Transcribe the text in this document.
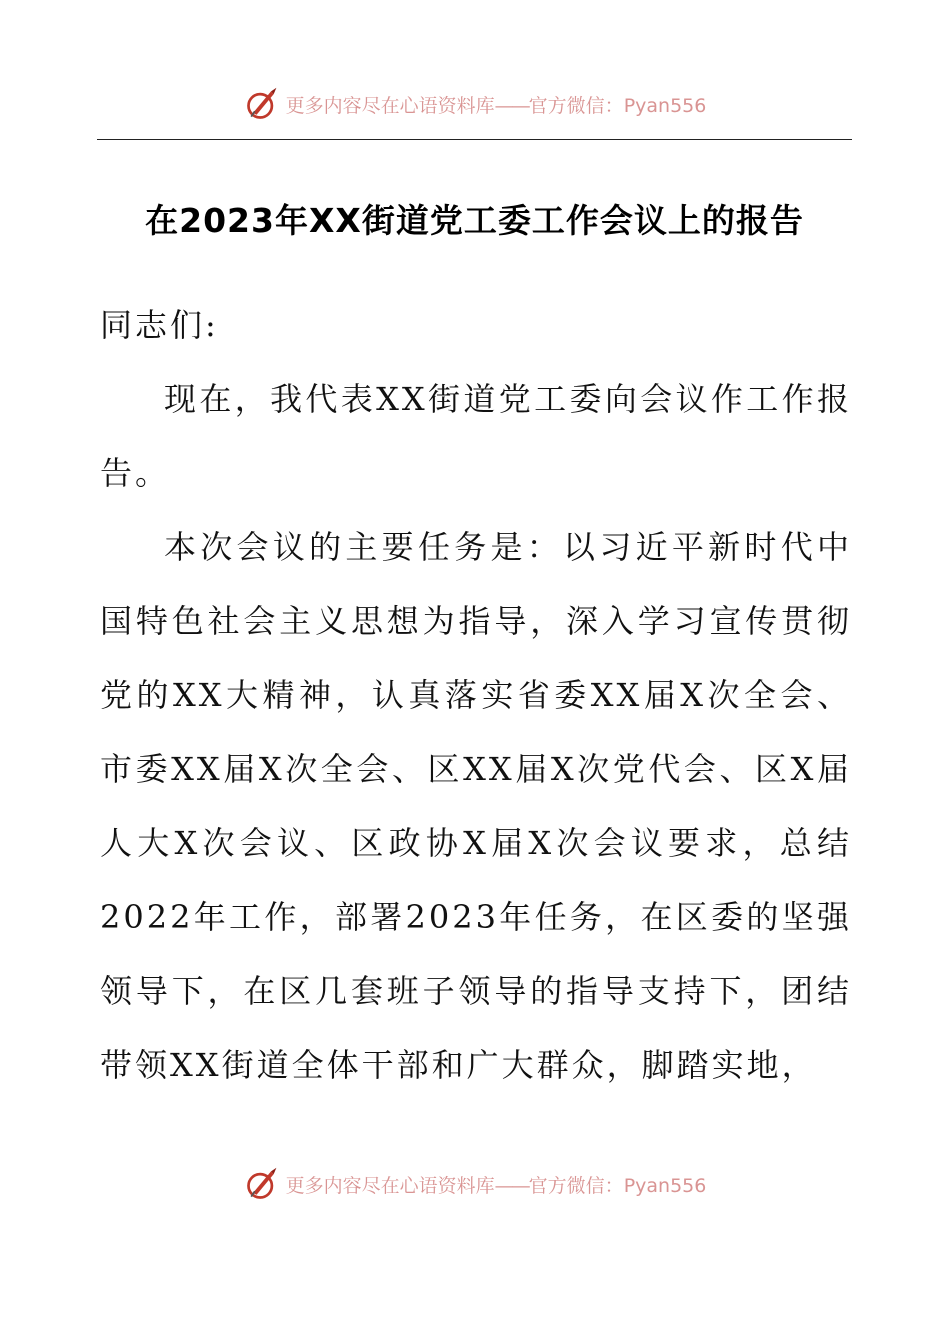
更多内容尽在心语资料库——官方微信：Pyan556
在2023年XX街道党工委工作会议上的报告

同志们:

现在，我代表XX街道党工委向会议作工作报告。

本次会议的主要任务是：以习近平新时代中国特色社会主义思想为指导，深入学习宣传贯彻党的XX大精神，认真落实省委XX届X次全会、市委XX届X次全会、区XX届X次党代会、区X届人大X次会议、区政协X届X次会议要求，总结2022年工作，部署2023年任务，在区委的坚强领导下，在区几套班子领导的指导支持下，团结带领XX街道全体干部和广大群众，脚踏实地，

更多内容尽在心语资料库——官方微信：Pyan556
